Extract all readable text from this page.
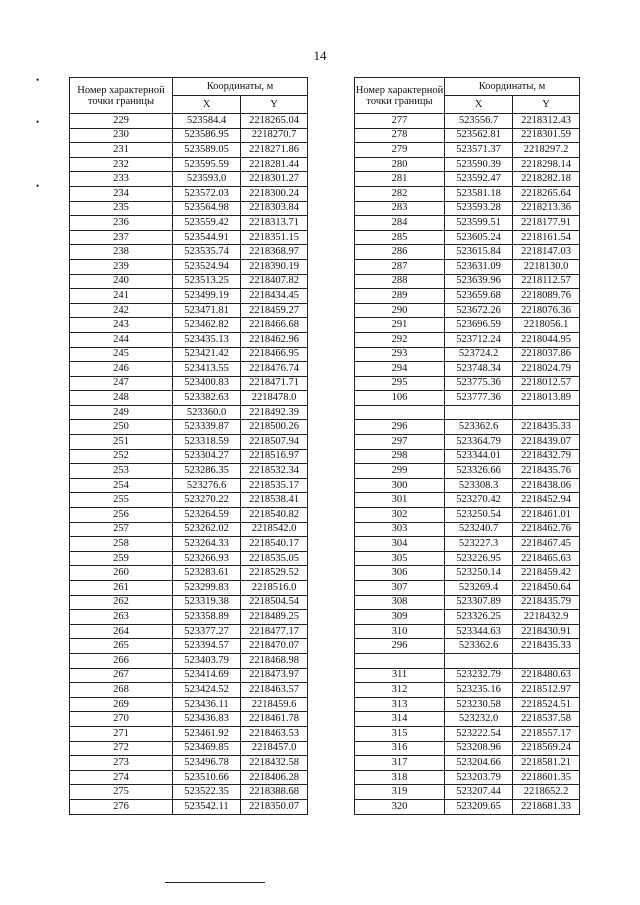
14
•
•
•
Номер характерной точки границы	Координаты, м	
	X	Y
229	523584.4	2218265.04
230	523586.95	2218270.7
231	523589.05	2218271.86
232	523595.59	2218281.44
233	523593.0	2218301.27
234	523572.03	2218300.24
235	523564.98	2218303.84
236	523559.42	2218313.71
237	523544.91	2218351.15
238	523535.74	2218368.97
239	523524.94	2218390.19
240	523513.25	2218407.82
241	523499.19	2218434.45
242	523471.81	2218459.27
243	523462.82	2218466.68
244	523435.13	2218462.96
245	523421.42	2218466.95
246	523413.55	2218476.74
247	523400.83	2218471.71
248	523382.63	2218478.0
249	523360.0	2218492.39
250	523339.87	2218500.26
251	523318.59	2218507.94
252	523304.27	2218516.97
253	523286.35	2218532.34
254	523276.6	2218535.17
255	523270.22	2218538.41
256	523264.59	2218540.82
257	523262.02	2218542.0
258	523264.33	2218540.17
259	523266.93	2218535.05
260	523283.61	2218529.52
261	523299.83	2218516.0
262	523319.38	2218504.54
263	523358.89	2218489.25
264	523377.27	2218477.17
265	523394.57	2218470.07
266	523403.79	2218468.98
267	523414.69	2218473.97
268	523424.52	2218463.57
269	523436.11	2218459.6
270	523436.83	2218461.78
271	523461.92	2218463.53
272	523469.85	2218457.0
273	523496.78	2218432.58
274	523510.66	2218406.28
275	523522.35	2218388.68
276	523542.11	2218350.07
Номер характерной точки границы	Координаты, м	
	X	Y
277	523556.7	2218312.43
278	523562.81	2218301.59
279	523571.37	2218297.2
280	523590.39	2218298.14
281	523592.47	2218282.18
282	523581.18	2218265.64
283	523593.28	2218213.36
284	523599.51	2218177.91
285	523605.24	2218161.54
286	523615.84	2218147.03
287	523631.09	2218130.0
288	523639.96	2218112.57
289	523659.68	2218089.76
290	523672.26	2218076.36
291	523696.59	2218056.1
292	523712.24	2218044.95
293	523724.2	2218037.86
294	523748.34	2218024.79
295	523775.36	2218012.57
106	523777.36	2218013.89

296	523362.6	2218435.33
297	523364.79	2218439.07
298	523344.01	2218432.79
299	523326.66	2218435.76
300	523308.3	2218438.06
301	523270.42	2218452.94
302	523250.54	2218461.01
303	523240.7	2218462.76
304	523227.3	2218467.45
305	523226.95	2218465.63
306	523250.14	2218459.42
307	523269.4	2218450.64
308	523307.89	2218435.79
309	523326.25	2218432.9
310	523344.63	2218430.91
296	523362.6	2218435.33

311	523232.79	2218480.63
312	523235.16	2218512.97
313	523230.58	2218524.51
314	523232.0	2218537.58
315	523222.54	2218557.17
316	523208.96	2218569.24
317	523204.66	2218581.21
318	523203.79	2218601.35
319	523207.44	2218652.2
320	523209.65	2218681.33
